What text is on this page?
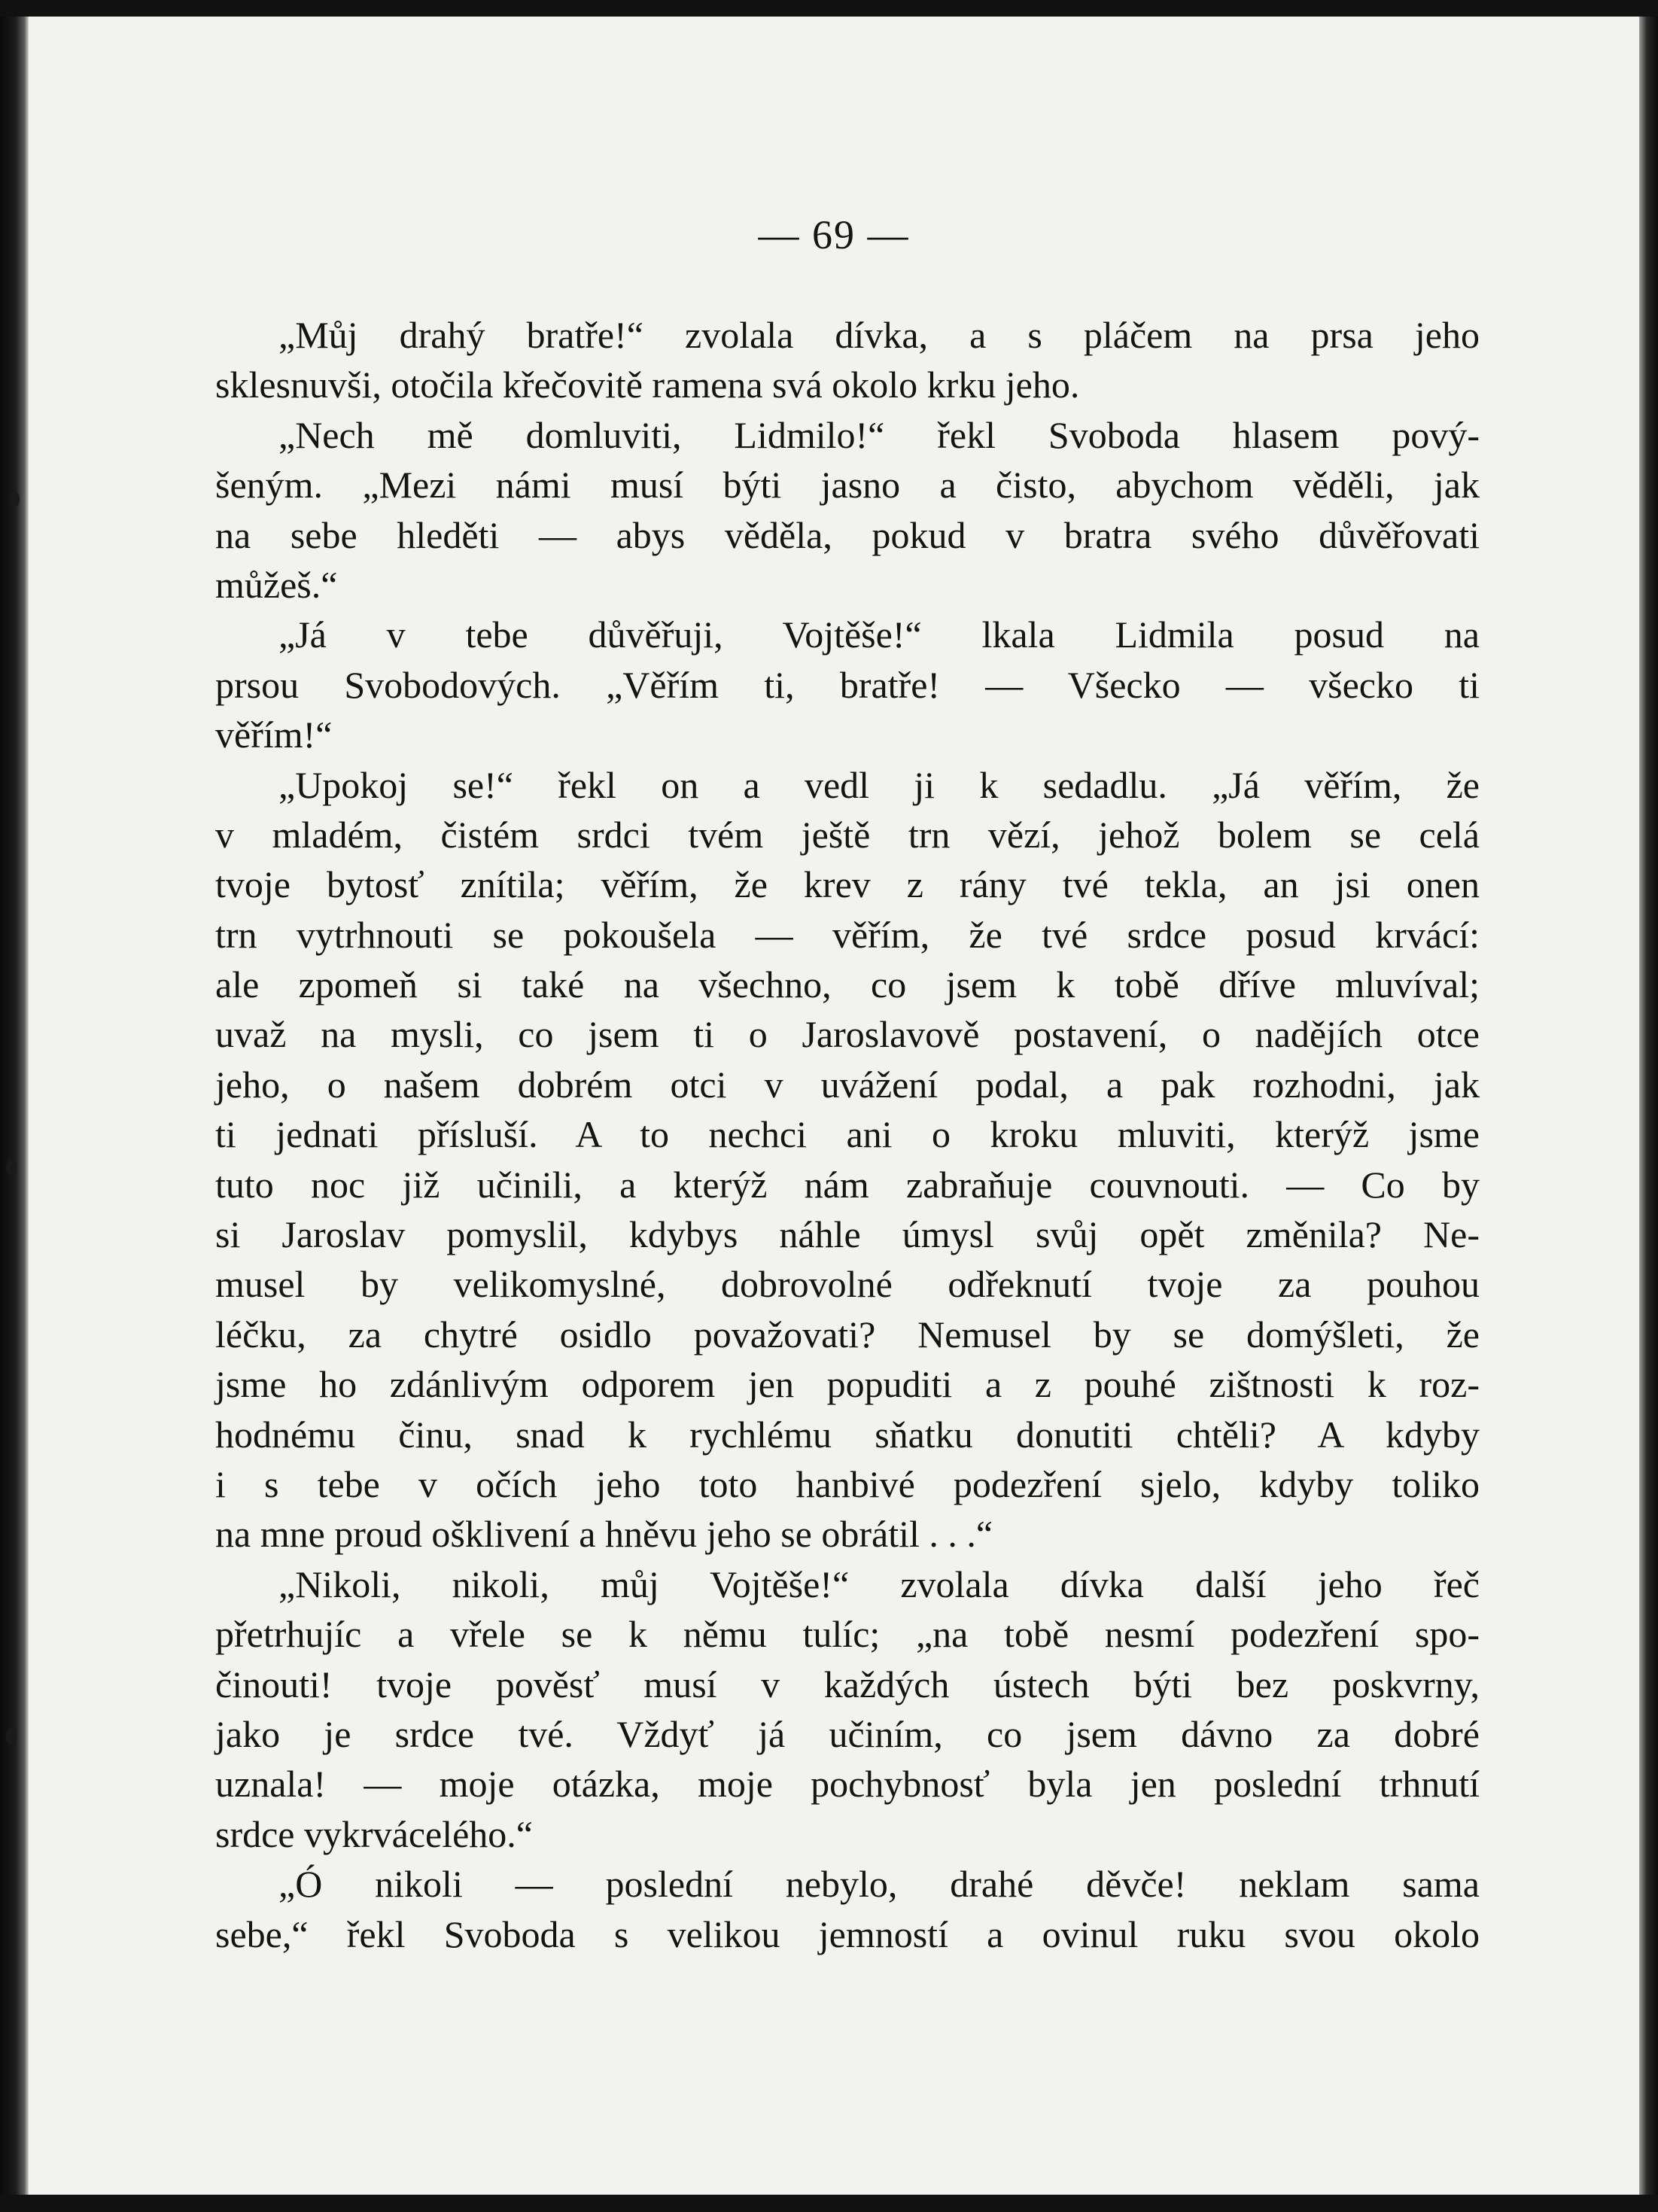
— 69 —
„Můj drahý bratře!“ zvolala dívka, a s pláčem na prsa jeho
sklesnuvši, otočila křečovitě ramena svá okolo krku jeho.
„Nech mě domluviti, Lidmilo!“ řekl Svoboda hlasem pový-
šeným. „Mezi námi musí býti jasno a čisto, abychom věděli, jak
na sebe hleděti — abys věděla, pokud v bratra svého důvěřovati
můžeš.“
„Já v tebe důvěřuji, Vojtěše!“ lkala Lidmila posud na
prsou Svobodových. „Věřím ti, bratře! — Všecko — všecko ti
věřím!“
„Upokoj se!“ řekl on a vedl ji k sedadlu. „Já věřím, že
v mladém, čistém srdci tvém ještě trn vězí, jehož bolem se celá
tvoje bytosť znítila; věřím, že krev z rány tvé tekla, an jsi onen
trn vytrhnouti se pokoušela — věřím, že tvé srdce posud krvácí:
ale zpomeň si také na všechno, co jsem k tobě dříve mluvíval;
uvaž na mysli, co jsem ti o Jaroslavově postavení, o nadějích otce
jeho, o našem dobrém otci v uvážení podal, a pak rozhodni, jak
ti jednati přísluší. A to nechci ani o kroku mluviti, kterýž jsme
tuto noc již učinili, a kterýž nám zabraňuje couvnouti. — Co by
si Jaroslav pomyslil, kdybys náhle úmysl svůj opět změnila? Ne-
musel by velikomyslné, dobrovolné odřeknutí tvoje za pouhou
léčku, za chytré osidlo považovati? Nemusel by se domýšleti, že
jsme ho zdánlivým odporem jen popuditi a z pouhé zištnosti k roz-
hodnému činu, snad k rychlému sňatku donutiti chtěli? A kdyby
i s tebe v očích jeho toto hanbivé podezření sjelo, kdyby toliko
na mne proud ošklivení a hněvu jeho se obrátil . . .“
„Nikoli, nikoli, můj Vojtěše!“ zvolala dívka další jeho řeč
přetrhujíc a vřele se k němu tulíc; „na tobě nesmí podezření spo-
činouti! tvoje pověsť musí v každých ústech býti bez poskvrny,
jako je srdce tvé. Vždyť já učiním, co jsem dávno za dobré
uznala! — moje otázka, moje pochybnosť byla jen poslední trhnutí
srdce vykrváceléhо.“
„Ó nikoli — poslední nebylo, drahé děvče! neklam sama
sebe,“ řekl Svoboda s velikou jemností a ovinul ruku svou okolo
